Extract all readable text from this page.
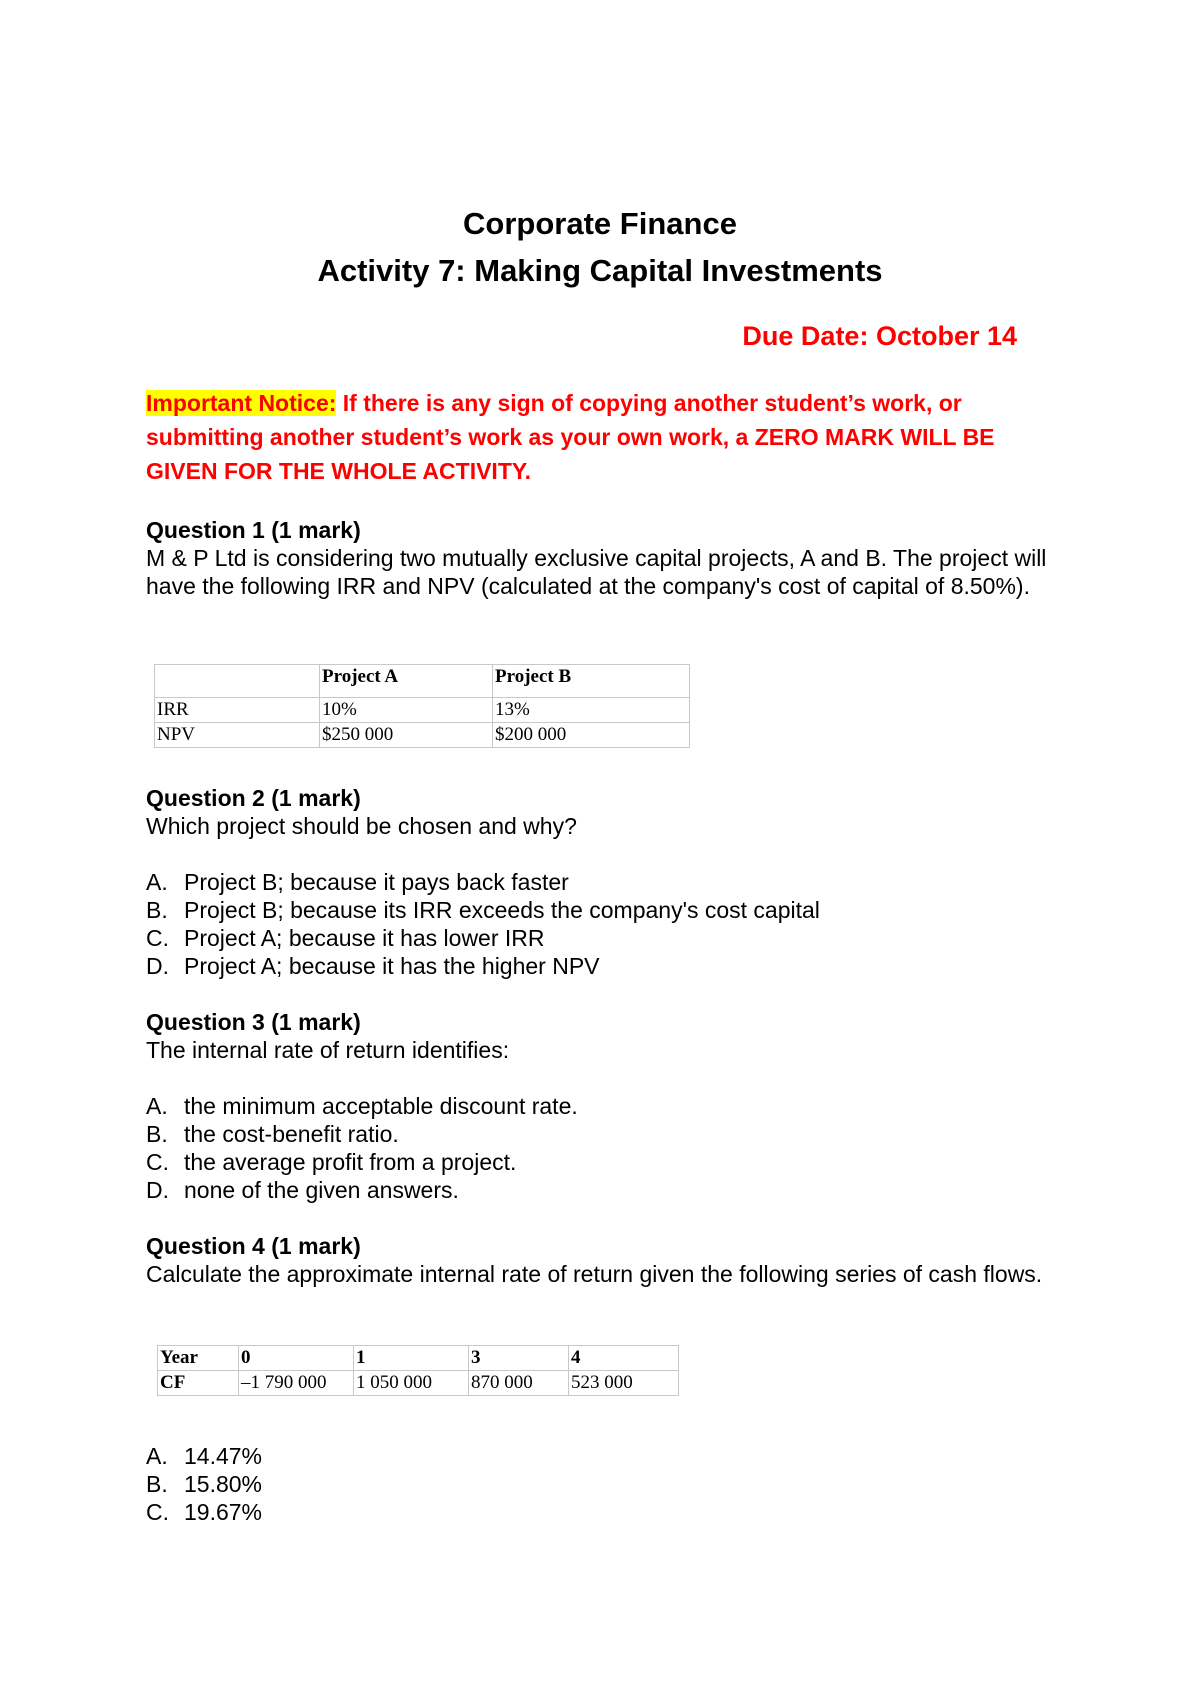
Corporate Finance
Activity 7: Making Capital Investments
Due Date: October 14
Important Notice: If there is any sign of copying another student’s work, or submitting another student’s work as your own work, a ZERO MARK WILL BE GIVEN FOR THE WHOLE ACTIVITY.

Question 1 (1 mark)

M & P Ltd is considering two mutually exclusive capital projects, A and B. The project will have the following IRR and NPV (calculated at the company's cost of capital of 8.50%).

	Project A	Project B
IRR	10%	13%
NPV	$250 000	$200 000

Question 2 (1 mark)

Which project should be chosen and why?

A. Project B; because it pays back faster
B. Project B; because its IRR exceeds the company's cost capital
C. Project A; because it has lower IRR
D. Project A; because it has the higher NPV

Question 3 (1 mark)

The internal rate of return identifies:

A. the minimum acceptable discount rate.
B. the cost-benefit ratio.
C. the average profit from a project.
D. none of the given answers.

Question 4 (1 mark)

Calculate the approximate internal rate of return given the following series of cash flows.

Year	0	1	3	4
CF	–1 790 000	1 050 000	870 000	523 000
A. 14.47%
B. 15.80%
C. 19.67%
